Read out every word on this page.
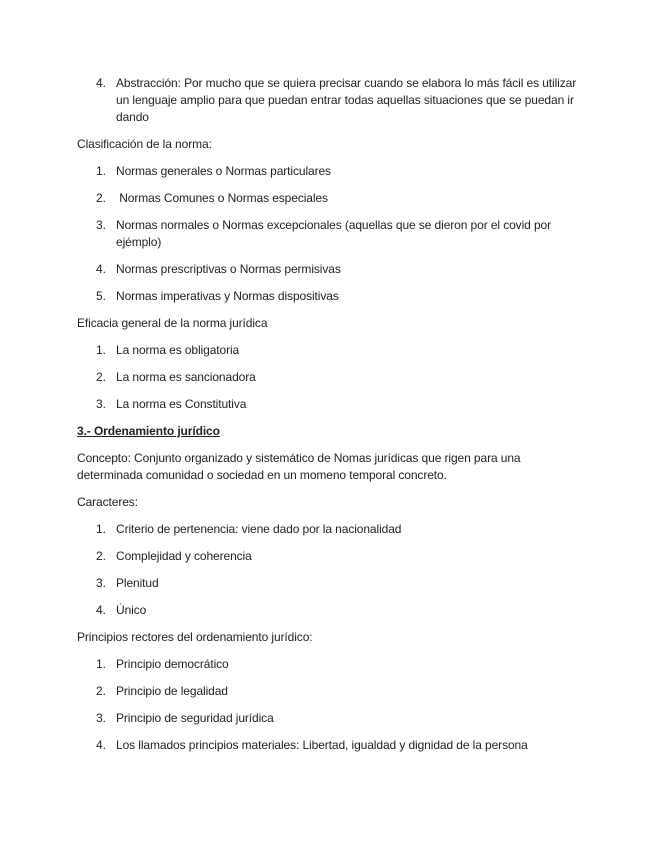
4. Abstracción: Por mucho que se quiera precisar cuando se elabora lo más fácil es utilizar un lenguaje amplio para que puedan entrar todas aquellas situaciones que se puedan ir dando

Clasificación de la norma:

1. Normas generales o Normas particulares
2. Normas Comunes o Normas especiales
3. Normas normales o Normas excepcionales (aquellas que se dieron por el covid por ejémplo)
4. Normas prescriptivas o Normas permisivas
5. Normas imperativas y Normas dispositivas

Eficacia general de la norma jurídica

1. La norma es obligatoria
2. La norma es sancionadora
3. La norma es Constitutiva

3.- Ordenamiento jurídico

Concepto: Conjunto organizado y sistemático de Nomas jurídicas que rigen para una determinada comunidad o sociedad en un momeno temporal concreto.

Caracteres:

1. Criterio de pertenencia: viene dado por la nacionalidad
2. Complejidad y coherencia
3. Plenitud
4. Único

Principios rectores del ordenamiento jurídico:

1. Principio democrático
2. Principio de legalidad
3. Principio de seguridad jurídica
4. Los llamados principios materiales: Libertad, igualdad y dignidad de la persona
